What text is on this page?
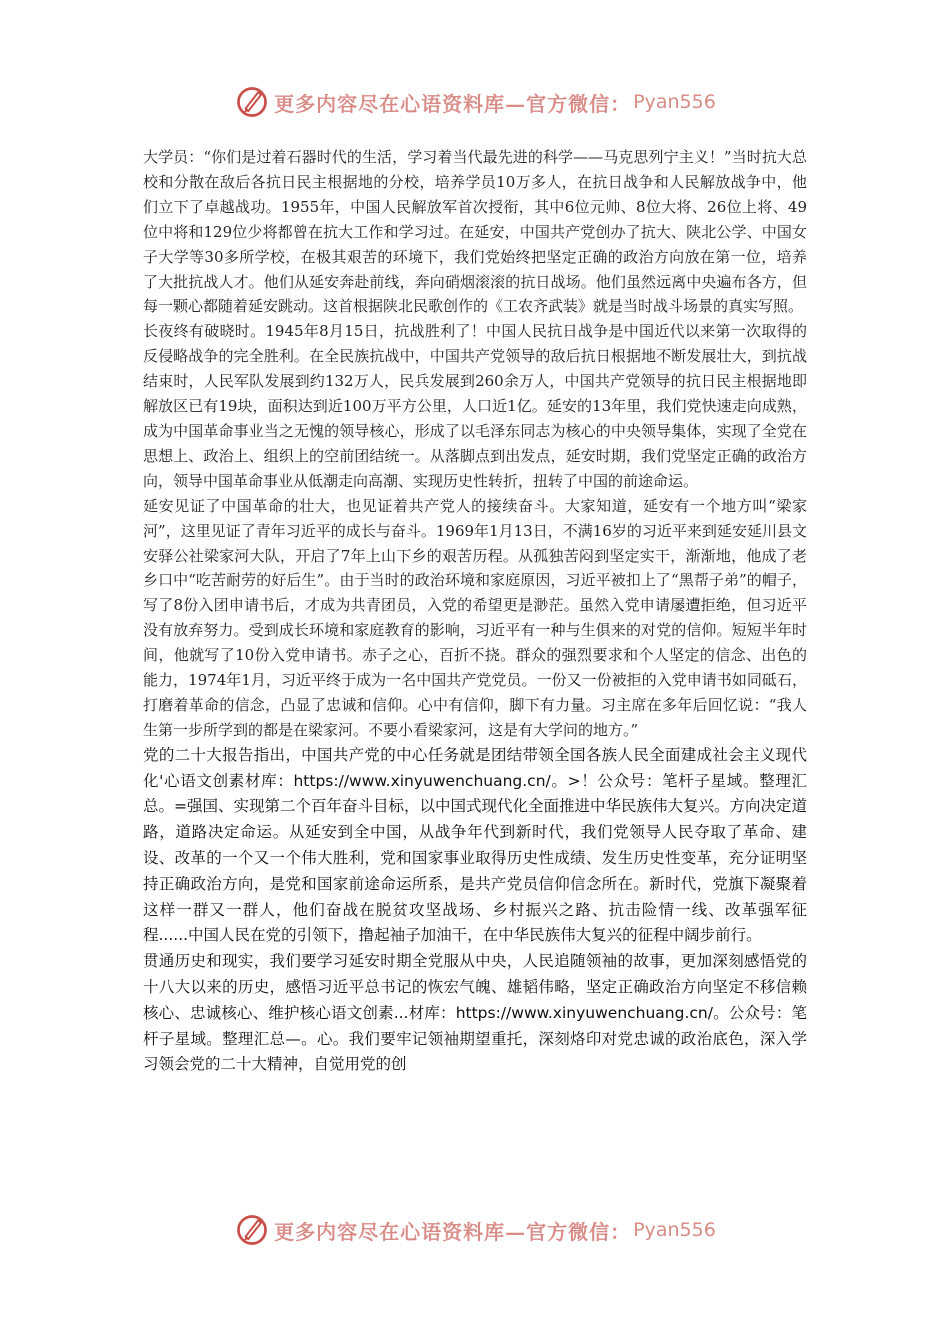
更多内容尽在心语资料库—官方微信： Pyan556

大学员：“你们是过着石器时代的生活，学习着当代最先进的科学——马克思列宁主义！”当时抗大总校和分散在敌后各抗日民主根据地的分校，培养学员10万多人，在抗日战争和人民解放战争中，他们立下了卓越战功。1955年，中国人民解放军首次授衔，其中6位元帅、8位大将、26位上将、49位中将和129位少将都曾在抗大工作和学习过。在延安，中国共产党创办了抗大、陕北公学、中国女子大学等30多所学校，在极其艰苦的环境下，我们党始终把坚定正确的政治方向放在第一位，培养了大批抗战人才。他们从延安奔赴前线，奔向硝烟滚滚的抗日战场。他们虽然远离中央遍布各方，但每一颗心都随着延安跳动。这首根据陕北民歌创作的《工农齐武装》就是当时战斗场景的真实写照。

长夜终有破晓时。1945年8月15日，抗战胜利了！中国人民抗日战争是中国近代以来第一次取得的反侵略战争的完全胜利。在全民族抗战中，中国共产党领导的敌后抗日根据地不断发展壮大，到抗战结束时，人民军队发展到约132万人，民兵发展到260余万人，中国共产党领导的抗日民主根据地即解放区已有19块，面积达到近100万平方公里，人口近1亿。延安的13年里，我们党快速走向成熟，成为中国革命事业当之无愧的领导核心，形成了以毛泽东同志为核心的中央领导集体，实现了全党在思想上、政治上、组织上的空前团结统一。从落脚点到出发点，延安时期，我们党坚定正确的政治方向，领导中国革命事业从低潮走向高潮、实现历史性转折，扭转了中国的前途命运。

延安见证了中国革命的壮大，也见证着共产党人的接续奋斗。大家知道，延安有一个地方叫“梁家河”，这里见证了青年习近平的成长与奋斗。1969年1月13日，不满16岁的习近平来到延安延川县文安驿公社梁家河大队，开启了7年上山下乡的艰苦历程。从孤独苦闷到坚定实干，渐渐地，他成了老乡口中“吃苦耐劳的好后生”。由于当时的政治环境和家庭原因，习近平被扣上了“黑帮子弟”的帽子，写了8份入团申请书后，才成为共青团员，入党的希望更是渺茫。虽然入党申请屡遭拒绝，但习近平没有放弃努力。受到成长环境和家庭教育的影响，习近平有一种与生俱来的对党的信仰。短短半年时间，他就写了10份入党申请书。赤子之心，百折不挠。群众的强烈要求和个人坚定的信念、出色的能力，1974年1月，习近平终于成为一名中国共产党党员。一份又一份被拒的入党申请书如同砥石，打磨着革命的信念，凸显了忠诚和信仰。心中有信仰，脚下有力量。习主席在多年后回忆说：“我人生第一步所学到的都是在梁家河。不要小看梁家河，这是有大学问的地方。”

党的二十大报告指出，中国共产党的中心任务就是团结带领全国各族人民全面建成社会主义现代化'心语文创素材库：https://www.xinyuwenchuang.cn/。>！公众号：笔杆子星域。整理汇总。=强国、实现第二个百年奋斗目标，以中国式现代化全面推进中华民族伟大复兴。方向决定道路，道路决定命运。从延安到全中国，从战争年代到新时代，我们党领导人民夺取了革命、建设、改革的一个又一个伟大胜利，党和国家事业取得历史性成绩、发生历史性变革，充分证明坚持正确政治方向，是党和国家前途命运所系，是共产党员信仰信念所在。新时代，党旗下凝聚着这样一群又一群人，他们奋战在脱贫攻坚战场、乡村振兴之路、抗击险情一线、改革强军征程......中国人民在党的引领下，撸起袖子加油干，在中华民族伟大复兴的征程中阔步前行。

贯通历史和现实，我们要学习延安时期全党服从中央，人民追随领袖的故事，更加深刻感悟党的十八大以来的历史，感悟习近平总书记的恢宏气魄、雄韬伟略，坚定正确政治方向坚定不移信赖核心、忠诚核心、维护核心语文创素...材库：https://www.xinyuwenchuang.cn/。公众号：笔杆子星域。整理汇总—。心。我们要牢记领袖期望重托，深刻烙印对党忠诚的政治底色，深入学习领会党的二十大精神，自觉用党的创

更多内容尽在心语资料库—官方微信： Pyan556
